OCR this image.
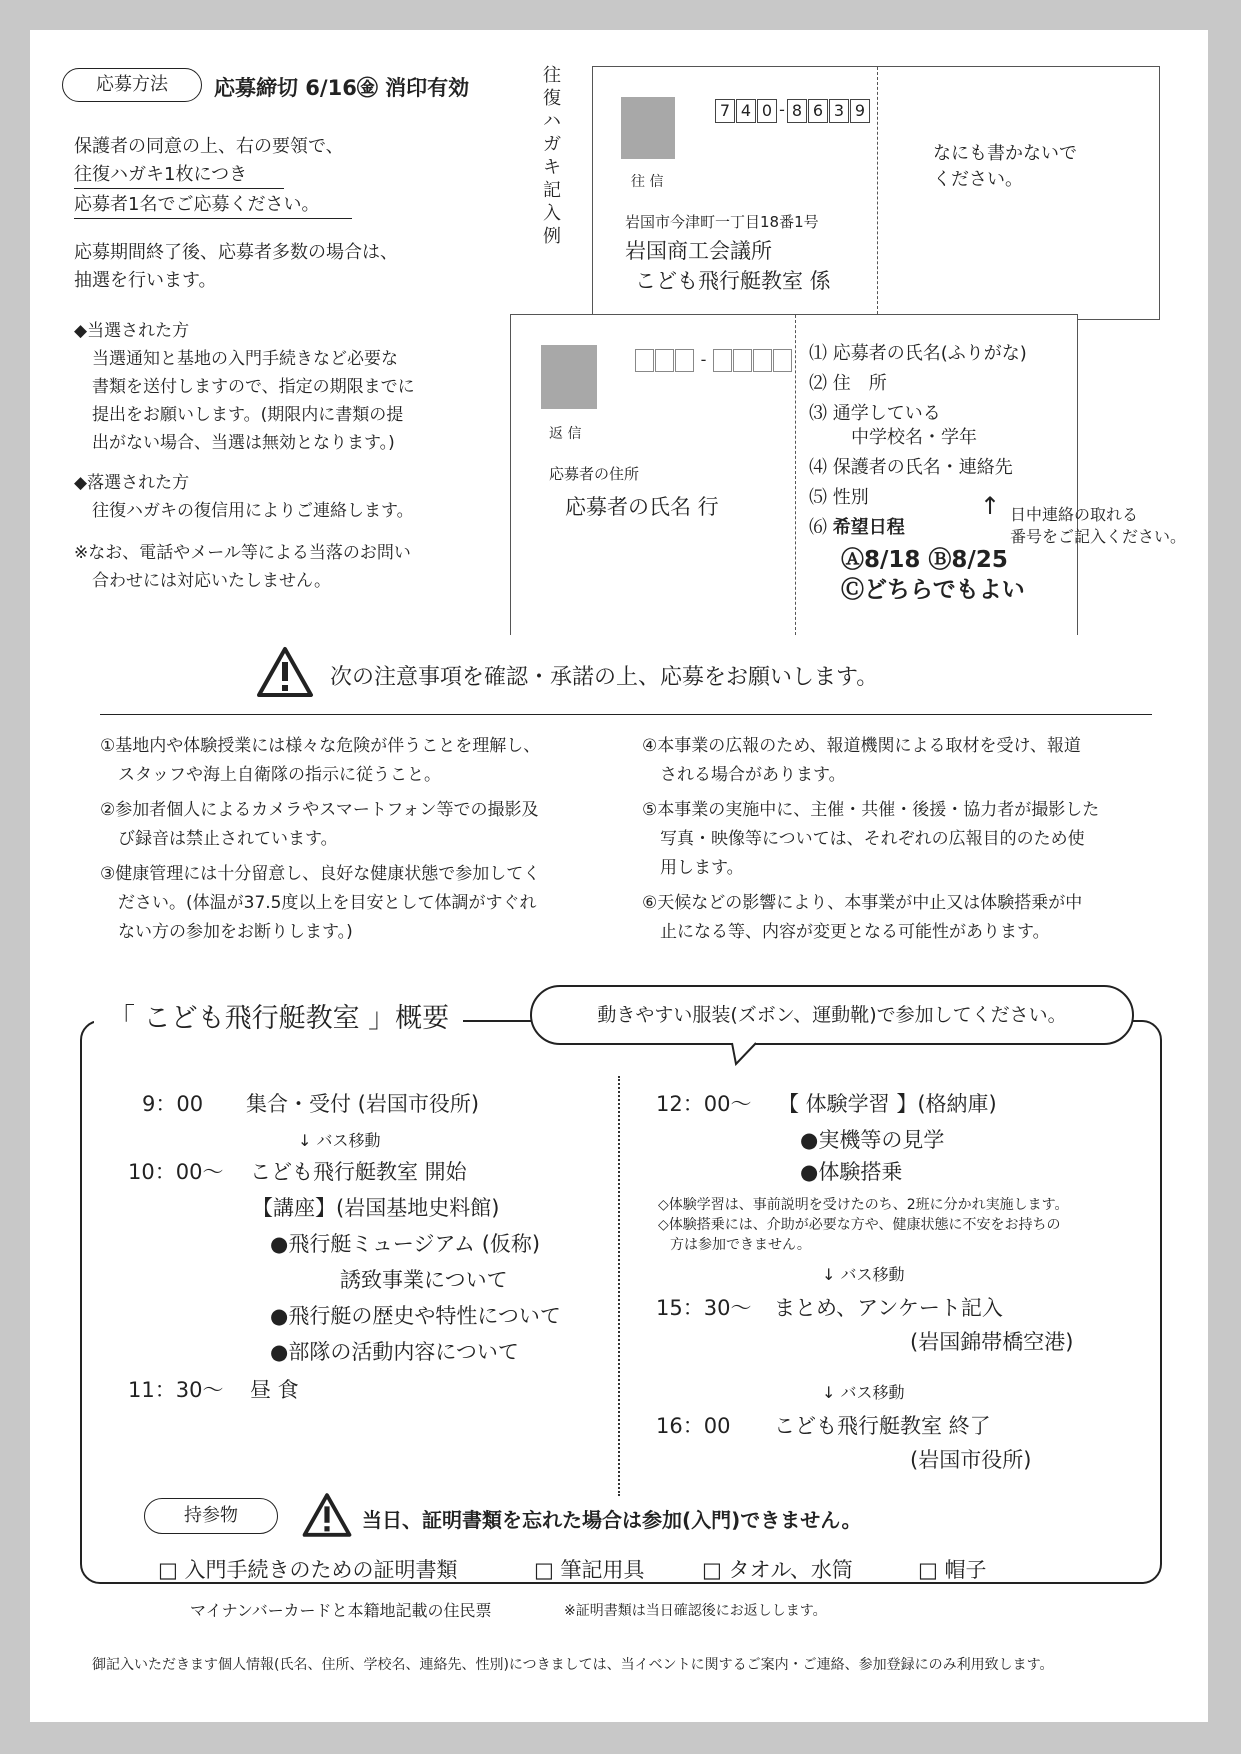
応募方法	応募締切 6/16㊎ 消印有効
保護者の同意の上、右の要領で、
往復ハガキ1枚につき
応募者1名でご応募ください。
応募期間終了後、応募者多数の場合は、
抽選を行います。
◆当選された方
当選通知と基地の入門手続きなど必要な
書類を送付しますので、指定の期限までに
提出をお願いします。(期限内に書類の提
出がない場合、当選は無効となります。)
◆落選された方
往復ハガキの復信用によりご連絡します。
※なお、電話やメール等による当落のお問い
合わせには対応いたしません。
往
復
ハ
ガ
キ
記
入
例
7 4 0 - 8 6 3 9
往 信
岩国市今津町一丁目18番1号
岩国商工会議所
こども飛行艇教室 係
なにも書かないで
ください。
-
返 信
応募者の住所
応募者の氏名 行
⑴ 応募者の氏名(ふりがな)
⑵ 住　所
⑶ 通学している
中学校名・学年
⑷ 保護者の氏名・連絡先
⑸ 性別
⑹ 希望日程
Ⓐ8/18 Ⓑ8/25
Ⓒどちらでもよい
↑ 日中連絡の取れる
番号をご記入ください。
次の注意事項を確認・承諾の上、応募をお願いします。

①基地内や体験授業には様々な危険が伴うことを理解し、

スタッフや海上自衛隊の指示に従うこと。

②参加者個人によるカメラやスマートフォン等での撮影及

び録音は禁止されています。

③健康管理には十分留意し、良好な健康状態で参加してく

ださい。(体温が37.5度以上を目安として体調がすぐれ

ない方の参加をお断りします。)

④本事業の広報のため、報道機関による取材を受け、報道

される場合があります。

⑤本事業の実施中に、主催・共催・後援・協力者が撮影した

写真・映像等については、それぞれの広報目的のため使

用します。

⑥天候などの影響により、本事業が中止又は体験搭乗が中

止になる等、内容が変更となる可能性があります。

「 こども飛行艇教室 」概要	動きやすい服装(ズボン、運動靴)で参加してください。
9：00 集合・受付 (岩国市役所)
↓ バス移動
10：00～ こども飛行艇教室 開始
【講座】(岩国基地史料館)
●飛行艇ミュージアム (仮称)
誘致事業について
●飛行艇の歴史や特性について
●部隊の活動内容について
11：30～ 昼 食
12：00～ 【 体験学習 】(格納庫)
●実機等の見学
●体験搭乗
◇体験学習は、事前説明を受けたのち、2班に分かれ実施します。
◇体験搭乗には、介助が必要な方や、健康状態に不安をお持ちの
方は参加できません。
↓ バス移動
15：30～ まとめ、アンケート記入
(岩国錦帯橋空港)
↓ バス移動
16：00 こども飛行艇教室 終了
(岩国市役所)
持参物	当日、証明書類を忘れた場合は参加(入門)できません。
□ 入門手続きのための証明書類	□ 筆記用具	□ タオル、水筒	□ 帽子
マイナンバーカードと本籍地記載の住民票	※証明書類は当日確認後にお返しします。
御記入いただきます個人情報(氏名、住所、学校名、連絡先、性別)につきましては、当イベントに関するご案内・ご連絡、参加登録にのみ利用致します。
